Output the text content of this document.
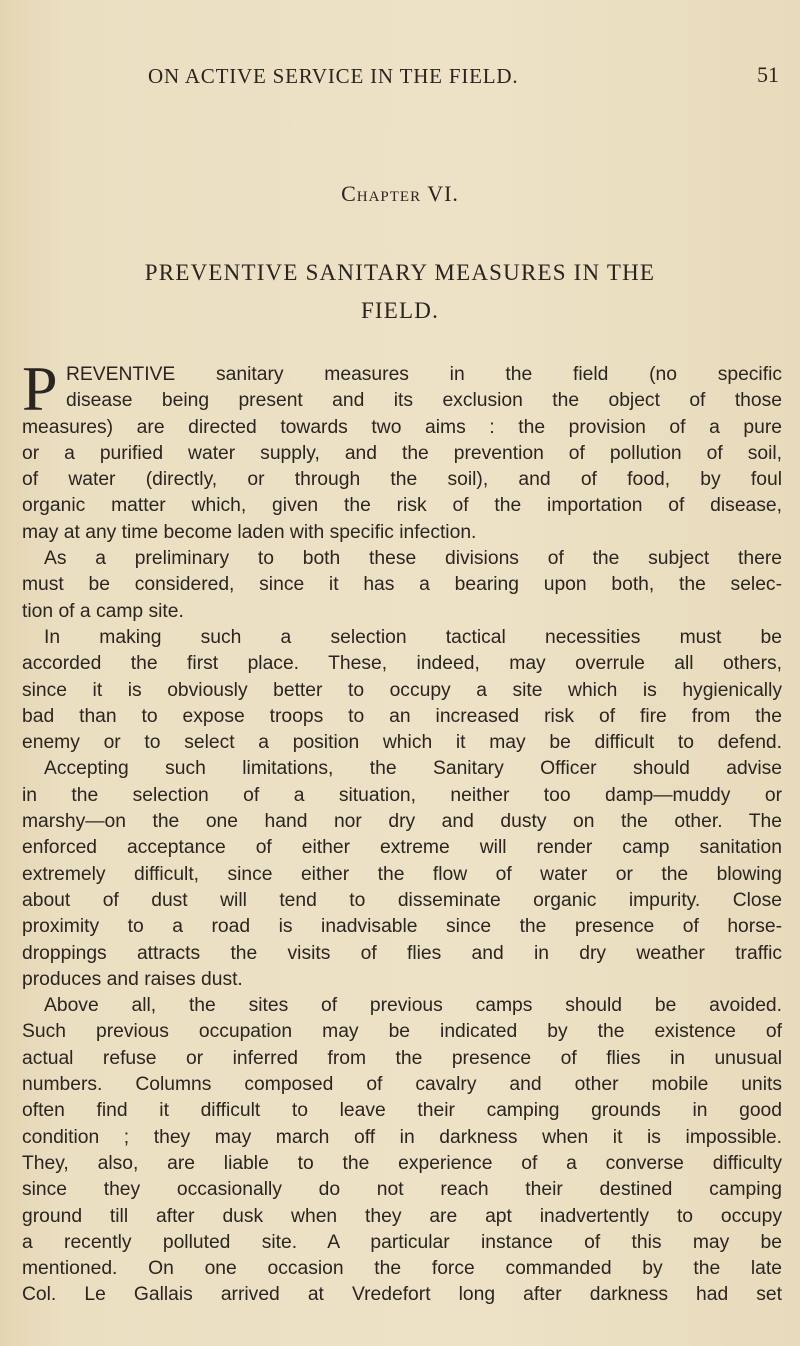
ON ACTIVE SERVICE IN THE FIELD.	51
Chapter VI.
PREVENTIVE SANITARY MEASURES IN THE
FIELD.
P REVENTIVE sanitary measures in the field (no specific
disease being present and its exclusion the object of those
measures) are directed towards two aims : the provision of a pure
or a purified water supply, and the prevention of pollution of soil,
of water (directly, or through the soil), and of food, by foul
organic matter which, given the risk of the importation of disease,
may at any time become laden with specific infection.
As a preliminary to both these divisions of the subject there
must be considered, since it has a bearing upon both, the selec-
tion of a camp site.
In making such a selection tactical necessities must be
accorded the first place. These, indeed, may overrule all others,
since it is obviously better to occupy a site which is hygienically
bad than to expose troops to an increased risk of fire from the
enemy or to select a position which it may be difficult to defend.
Accepting such limitations, the Sanitary Officer should advise
in the selection of a situation, neither too damp—muddy or
marshy—on the one hand nor dry and dusty on the other. The
enforced acceptance of either extreme will render camp sanitation
extremely difficult, since either the flow of water or the blowing
about of dust will tend to disseminate organic impurity. Close
proximity to a road is inadvisable since the presence of horse-
droppings attracts the visits of flies and in dry weather traffic
produces and raises dust.
Above all, the sites of previous camps should be avoided.
Such previous occupation may be indicated by the existence of
actual refuse or inferred from the presence of flies in unusual
numbers. Columns composed of cavalry and other mobile units
often find it difficult to leave their camping grounds in good
condition ; they may march off in darkness when it is impossible.
They, also, are liable to the experience of a converse difficulty
since they occasionally do not reach their destined camping
ground till after dusk when they are apt inadvertently to occupy
a recently polluted site. A particular instance of this may be
mentioned. On one occasion the force commanded by the late
Col. Le Gallais arrived at Vredefort long after darkness had set
